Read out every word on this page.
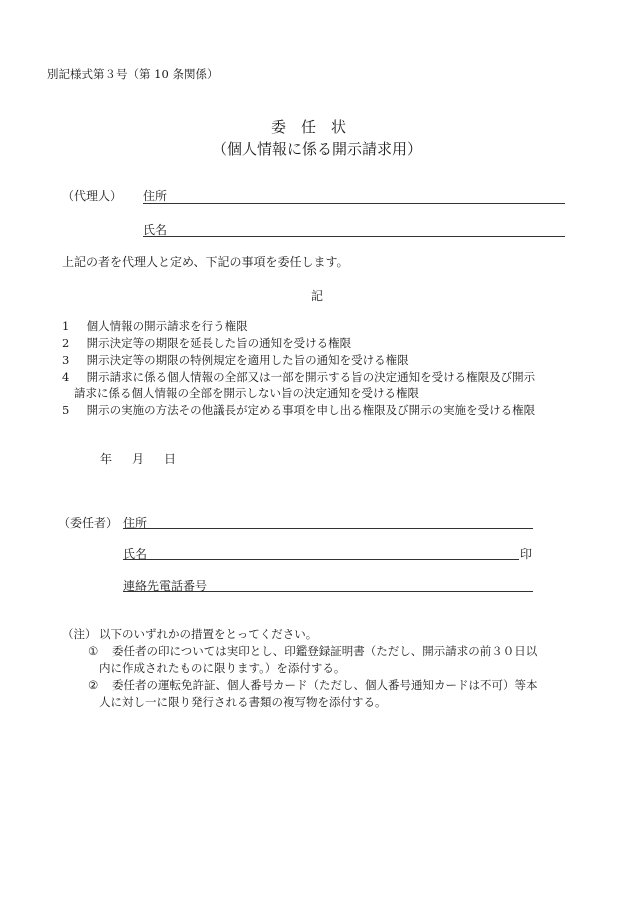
別記様式第３号（第 10 条関係）
委　任　状
（個人情報に係る開示請求用）
（代理人） 住所
氏名
上記の者を代理人と定め、下記の事項を委任します。
記
1 個人情報の開示請求を行う権限
2 開示決定等の期限を延長した旨の通知を受ける権限
3 開示決定等の期限の特例規定を適用した旨の通知を受ける権限
4 開示請求に係る個人情報の全部又は一部を開示する旨の決定通知を受ける権限及び開示
請求に係る個人情報の全部を開示しない旨の決定通知を受ける権限
5 開示の実施の方法その他議長が定める事項を申し出る権限及び開示の実施を受ける権限
年 月 日
（委任者） 住所
氏名	印
連絡先電話番号
（注） 以下のいずれかの措置をとってください。
① 委任者の印については実印とし、印鑑登録証明書（ただし、開示請求の前３０日以
内に作成されたものに限ります。）を添付する。
② 委任者の運転免許証、個人番号カード（ただし、個人番号通知カードは不可）等本
人に対し一に限り発行される書類の複写物を添付する。
